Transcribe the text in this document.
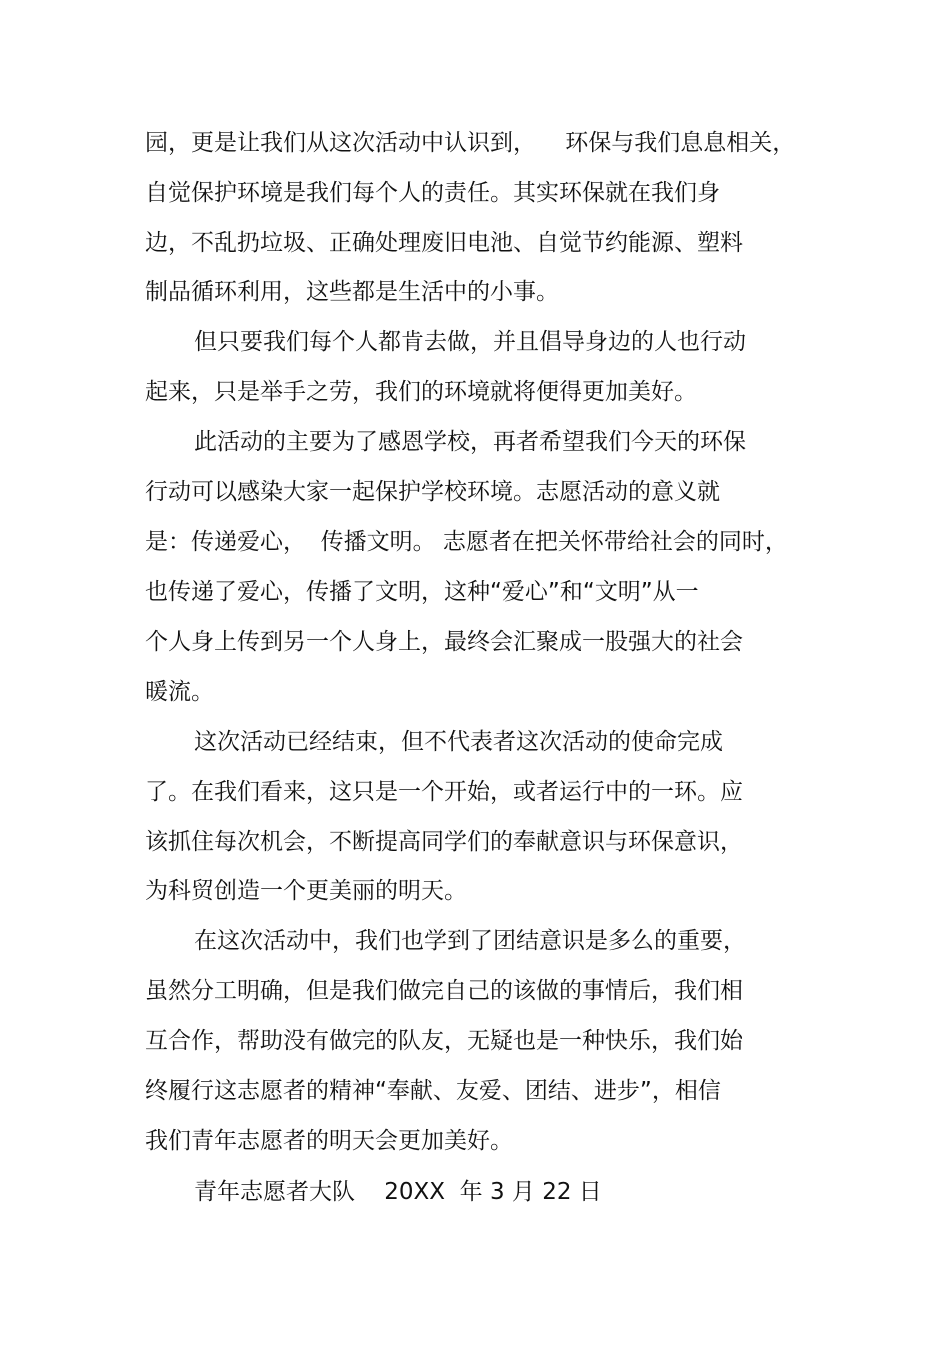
园，更是让我们从这次活动中认识到，    环保与我们息息相关，
自觉保护环境是我们每个人的责任。其实环保就在我们身
边，不乱扔垃圾、正确处理废旧电池、自觉节约能源、塑料
制品循环利用，这些都是生活中的小事。
但只要我们每个人都肯去做，并且倡导身边的人也行动
起来，只是举手之劳，我们的环境就将便得更加美好。
此活动的主要为了感恩学校，再者希望我们今天的环保
行动可以感染大家一起保护学校环境。志愿活动的意义就
是：传递爱心，  传播文明。 志愿者在把关怀带给社会的同时，
也传递了爱心，传播了文明，这种“爱心”和“文明”从一
个人身上传到另一个人身上，最终会汇聚成一股强大的社会
暖流。
这次活动已经结束，但不代表者这次活动的使命完成
了。在我们看来，这只是一个开始，或者运行中的一环。应
该抓住每次机会，不断提高同学们的奉献意识与环保意识，
为科贸创造一个更美丽的明天。
在这次活动中，我们也学到了团结意识是多么的重要，
虽然分工明确，但是我们做完自己的该做的事情后，我们相
互合作，帮助没有做完的队友，无疑也是一种快乐，我们始
终履行这志愿者的精神“奉献、友爱、团结、进步”，相信
我们青年志愿者的明天会更加美好。
青年志愿者大队    20XX  年 3 月 22 日
